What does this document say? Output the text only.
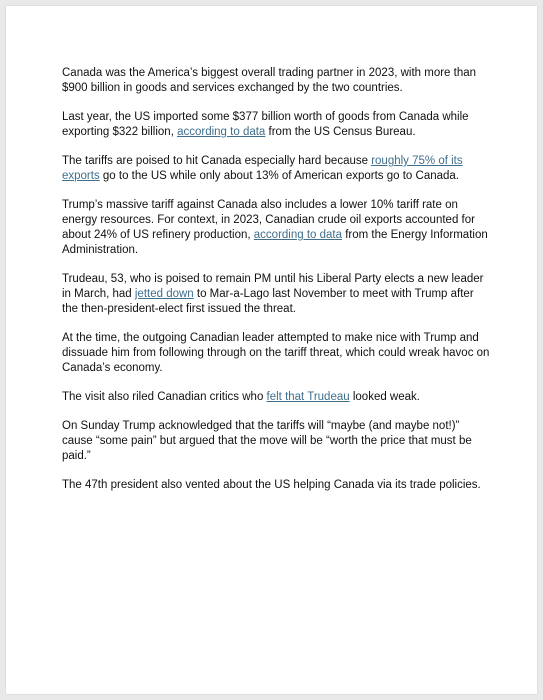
Canada was the America’s biggest overall trading partner in 2023, with more than $900 billion in goods and services exchanged by the two countries.

Last year, the US imported some $377 billion worth of goods from Canada while exporting $322 billion, according to data from the US Census Bureau.

The tariffs are poised to hit Canada especially hard because roughly 75% of its exports go to the US while only about 13% of American exports go to Canada.

Trump’s massive tariff against Canada also includes a lower 10% tariff rate on energy resources. For context, in 2023, Canadian crude oil exports accounted for about 24% of US refinery production, according to data from the Energy Information Administration.

Trudeau, 53, who is poised to remain PM until his Liberal Party elects a new leader in March, had jetted down to Mar-a-Lago last November to meet with Trump after the then-president-elect first issued the threat.

At the time, the outgoing Canadian leader attempted to make nice with Trump and dissuade him from following through on the tariff threat, which could wreak havoc on Canada’s economy.

The visit also riled Canadian critics who felt that Trudeau looked weak.

On Sunday Trump acknowledged that the tariffs will “maybe (and maybe not!)” cause “some pain” but argued that the move will be “worth the price that must be paid.”

The 47th president also vented about the US helping Canada via its trade policies.
